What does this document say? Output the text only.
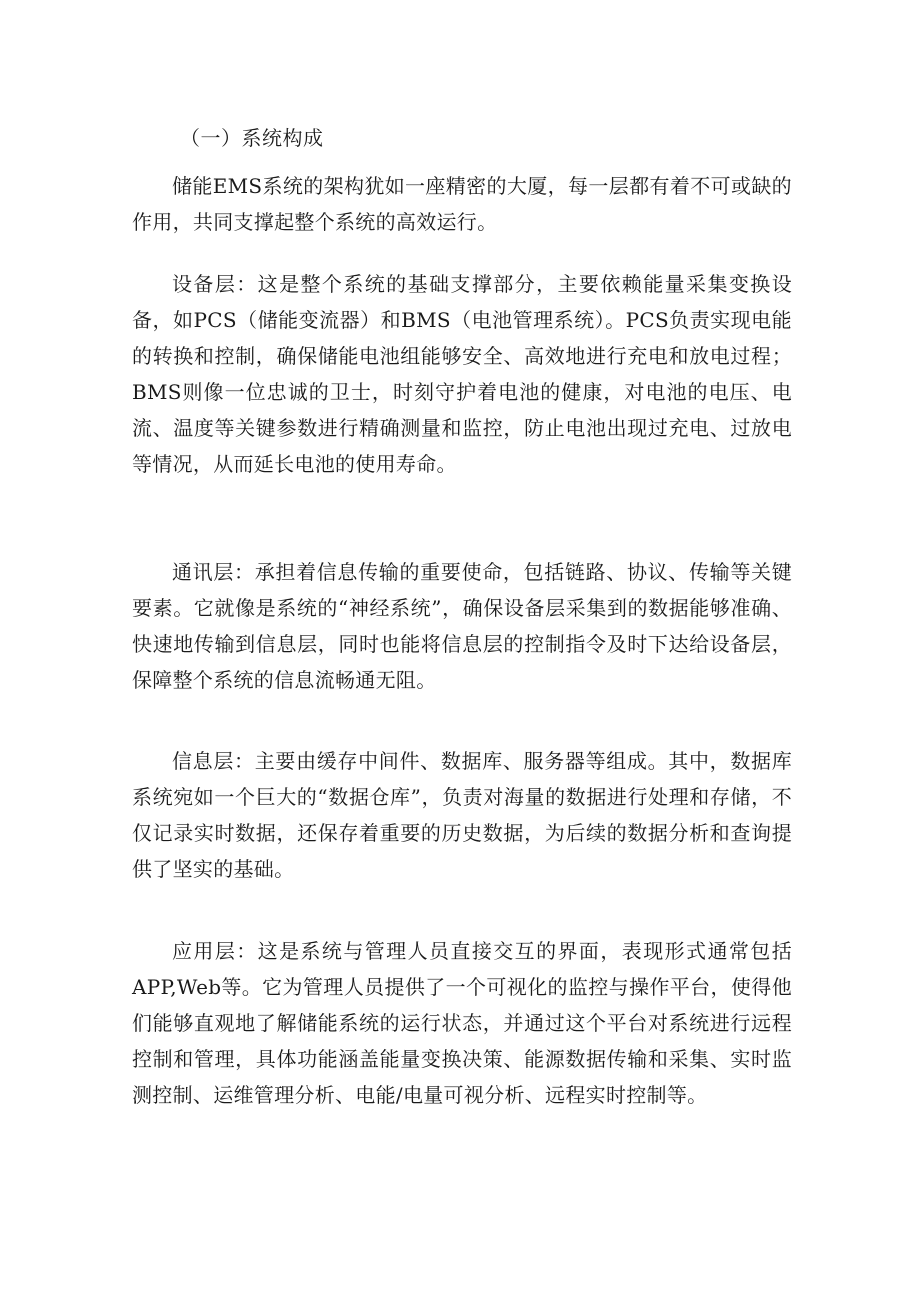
（一）系统构成

储能EMS系统的架构犹如一座精密的大厦，每一层都有着不可或缺的作用，共同支撑起整个系统的高效运行。

设备层：这是整个系统的基础支撑部分，主要依赖能量采集变换设备，如PCS（储能变流器）和BMS（电池管理系统）。PCS负责实现电能的转换和控制，确保储能电池组能够安全、高效地进行充电和放电过程；BMS则像一位忠诚的卫士，时刻守护着电池的健康，对电池的电压、电流、温度等关键参数进行精确测量和监控，防止电池出现过充电、过放电等情况，从而延长电池的使用寿命。

通讯层：承担着信息传输的重要使命，包括链路、协议、传输等关键要素。它就像是系统的“神经系统”，确保设备层采集到的数据能够准确、快速地传输到信息层，同时也能将信息层的控制指令及时下达给设备层，保障整个系统的信息流畅通无阻。

信息层：主要由缓存中间件、数据库、服务器等组成。其中，数据库系统宛如一个巨大的“数据仓库”，负责对海量的数据进行处理和存储，不仅记录实时数据，还保存着重要的历史数据，为后续的数据分析和查询提供了坚实的基础。

应用层：这是系统与管理人员直接交互的界面，表现形式通常包括APP,Web等。它为管理人员提供了一个可视化的监控与操作平台，使得他们能够直观地了解储能系统的运行状态，并通过这个平台对系统进行远程控制和管理，具体功能涵盖能量变换决策、能源数据传输和采集、实时监测控制、运维管理分析、电能/电量可视分析、远程实时控制等。
